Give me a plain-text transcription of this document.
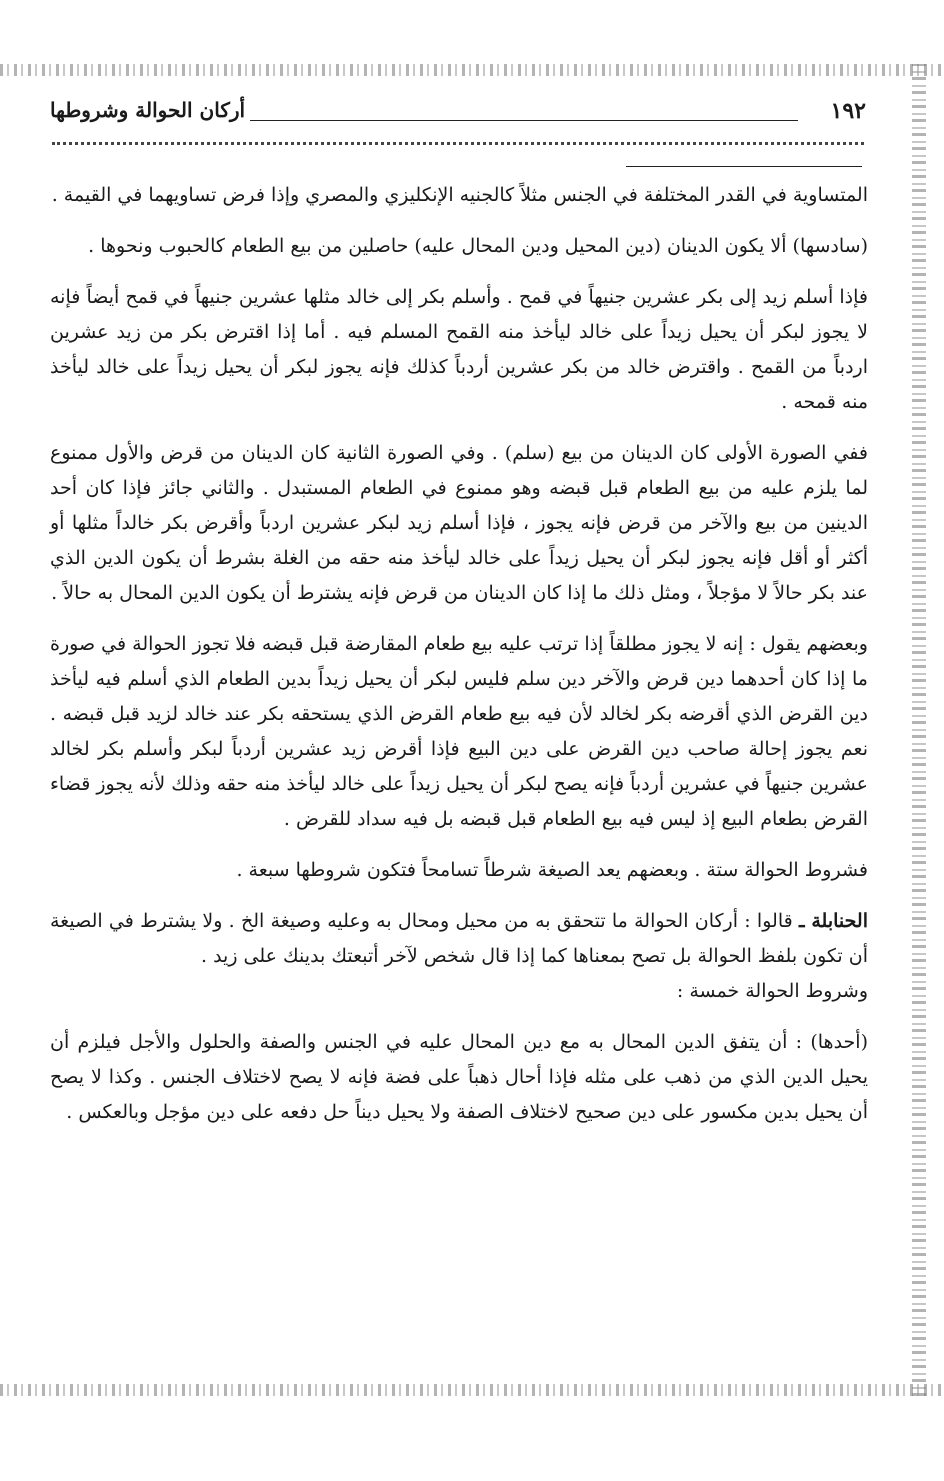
١٩٢
أركان الحوالة وشروطها

المتساوية في القدر المختلفة في الجنس مثلاً كالجنيه الإنكليزي والمصري وإذا فرض تساويهما في القيمة .

(سادسها) ألا يكون الدينان (دين المحيل ودين المحال عليه) حاصلين من بيع الطعام كالحبوب ونحوها .

فإذا أسلم زيد إلى بكر عشرين جنيهاً في قمح . وأسلم بكر إلى خالد مثلها عشرين جنيهاً في قمح أيضاً فإنه لا يجوز لبكر أن يحيل زيداً على خالد ليأخذ منه القمح المسلم فيه . أما إذا اقترض بكر من زيد عشرين اردباً من القمح . واقترض خالد من بكر عشرين أردباً كذلك فإنه يجوز لبكر أن يحيل زيداً على خالد ليأخذ منه قمحه .

ففي الصورة الأولى كان الدينان من بيع (سلم) . وفي الصورة الثانية كان الدينان من قرض والأول ممنوع لما يلزم عليه من بيع الطعام قبل قبضه وهو ممنوع في الطعام المستبدل . والثاني جائز فإذا كان أحد الدينين من بيع والآخر من قرض فإنه يجوز ، فإذا أسلم زيد لبكر عشرين اردباً وأقرض بكر خالداً مثلها أو أكثر أو أقل فإنه يجوز لبكر أن يحيل زيداً على خالد ليأخذ منه حقه من الغلة بشرط أن يكون الدين الذي عند بكر حالاً لا مؤجلاً ، ومثل ذلك ما إذا كان الدينان من قرض فإنه يشترط أن يكون الدين المحال به حالاً .

وبعضهم يقول : إنه لا يجوز مطلقاً إذا ترتب عليه بيع طعام المقارضة قبل قبضه فلا تجوز الحوالة في صورة ما إذا كان أحدهما دين قرض والآخر دين سلم فليس لبكر أن يحيل زيداً بدين الطعام الذي أسلم فيه ليأخذ دين القرض الذي أقرضه بكر لخالد لأن فيه بيع طعام القرض الذي يستحقه بكر عند خالد لزيد قبل قبضه . نعم يجوز إحالة صاحب دين القرض على دين البيع فإذا أقرض زيد عشرين أردباً لبكر وأسلم بكر لخالد عشرين جنيهاً في عشرين أردباً فإنه يصح لبكر أن يحيل زيداً على خالد ليأخذ منه حقه وذلك لأنه يجوز قضاء القرض بطعام البيع إذ ليس فيه بيع الطعام قبل قبضه بل فيه سداد للقرض .

فشروط الحوالة ستة . وبعضهم يعد الصيغة شرطاً تسامحاً فتكون شروطها سبعة .

الحنابلة ـ قالوا : أركان الحوالة ما تتحقق به من محيل ومحال به وعليه وصيغة الخ . ولا يشترط في الصيغة أن تكون بلفظ الحوالة بل تصح بمعناها كما إذا قال شخص لآخر أتبعتك بدينك على زيد .

وشروط الحوالة خمسة :

(أحدها) : أن يتفق الدين المحال به مع دين المحال عليه في الجنس والصفة والحلول والأجل فيلزم أن يحيل الدين الذي من ذهب على مثله فإذا أحال ذهباً على فضة فإنه لا يصح لاختلاف الجنس . وكذا لا يصح أن يحيل بدين مكسور على دين صحيح لاختلاف الصفة ولا يحيل ديناً حل دفعه على دين مؤجل وبالعكس .
